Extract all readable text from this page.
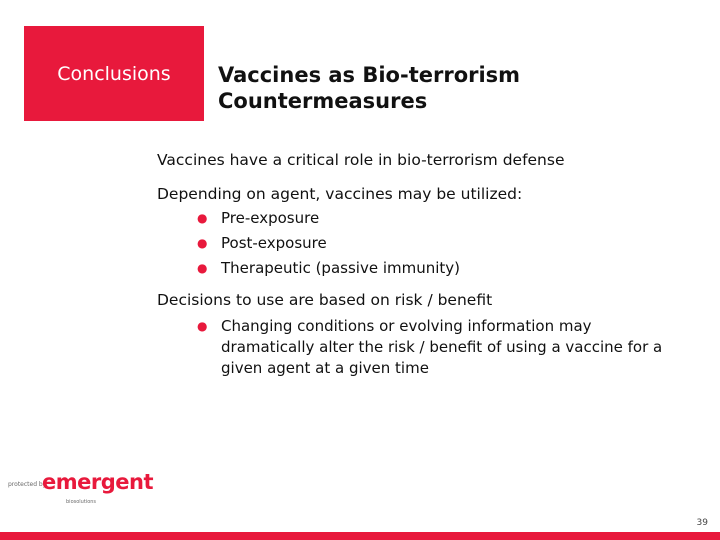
Conclusions	Vaccines as Bio-terrorism
Countermeasures

Vaccines have a critical role in bio-terrorism defense

Depending on agent, vaccines may be utilized:

● Pre-exposure
● Post-exposure
● Therapeutic (passive immunity)

Decisions to use are based on risk / benefit

● Changing conditions or evolving information may dramatically alter the risk / benefit of using a vaccine for a given agent at a given time
protected by
emergent
biosolutions
39
